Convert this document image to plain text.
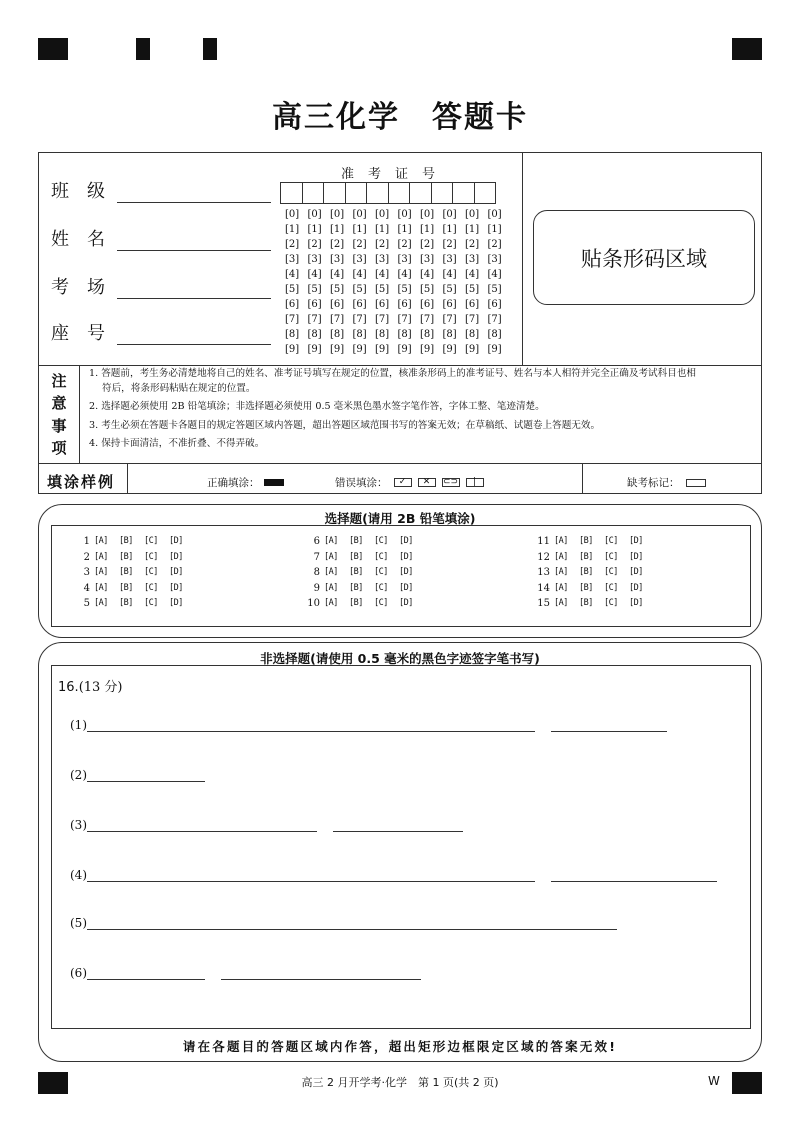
高三化学 答题卡
班　级
姓　名
考　场
座　号
准考证号
[0] [0] [0] [0] [0] [0] [0] [0] [0] [0]
[1] [1] [1] [1] [1] [1] [1] [1] [1] [1]
[2] [2] [2] [2] [2] [2] [2] [2] [2] [2]
[3] [3] [3] [3] [3] [3] [3] [3] [3] [3]
[4] [4] [4] [4] [4] [4] [4] [4] [4] [4]
[5] [5] [5] [5] [5] [5] [5] [5] [5] [5]
[6] [6] [6] [6] [6] [6] [6] [6] [6] [6]
[7] [7] [7] [7] [7] [7] [7] [7] [7] [7]
[8] [8] [8] [8] [8] [8] [8] [8] [8] [8]
[9] [9] [9] [9] [9] [9] [9] [9] [9] [9]
贴条形码区域
注
意
事
项

1. 答题前，考生务必清楚地将自己的姓名、准考证号填写在规定的位置，核准条形码上的准考证号、姓名与本人相符并完全正确及考试科目也相
符后，将条形码粘贴在规定的位置。

2. 选择题必须使用 2B 铅笔填涂；非选择题必须使用 0.5 毫米黑色墨水签字笔作答，字体工整、笔迹清楚。

3. 考生必须在答题卡各题目的规定答题区域内答题，超出答题区域范围书写的答案无效；在草稿纸、试题卷上答题无效。

4. 保持卡面清洁，不准折叠、不得弄破。

填涂样例	正确填涂：	错误填涂：	✓	✕	⊂⊃	|	缺考标记：
选择题(请用 2B 铅笔填涂)
1 [A]	[B]	[C]	[D]
2 [A]	[B]	[C]	[D]
3 [A]	[B]	[C]	[D]
4 [A]	[B]	[C]	[D]
5 [A]	[B]	[C]	[D]
6 [A]	[B]	[C]	[D]
7 [A]	[B]	[C]	[D]
8 [A]	[B]	[C]	[D]
9 [A]	[B]	[C]	[D]
10 [A]	[B]	[C]	[D]
11 [A]	[B]	[C]	[D]
12 [A]	[B]	[C]	[D]
13 [A]	[B]	[C]	[D]
14 [A]	[B]	[C]	[D]
15 [A]	[B]	[C]	[D]
非选择题(请使用 0.5 毫米的黑色字迹签字笔书写)
16.(13 分)
(1)
(2)
(3)
(4)
(5)
(6)
请在各题目的答题区域内作答，超出矩形边框限定区域的答案无效!
高三 2 月开学考·化学　第 1 页(共 2 页)	W
